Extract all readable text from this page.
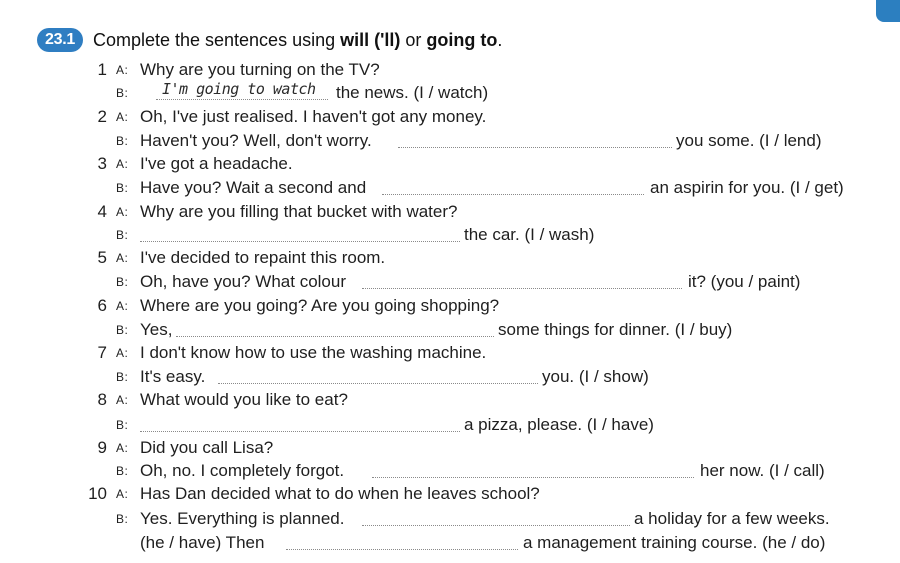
23.1	Complete the sentences using will ('ll) or going to.
1 A: Why are you turning on the TV?
B: I'm going to watch the news. (I / watch)
2 A: Oh, I've just realised. I haven't got any money.
B: Haven't you? Well, don't worry.	you some. (I / lend)
3 A: I've got a headache.
B: Have you? Wait a second and	an aspirin for you. (I / get)
4 A: Why are you filling that bucket with water?
B:	the car. (I / wash)
5 A: I've decided to repaint this room.
B: Oh, have you? What colour	it? (you / paint)
6 A: Where are you going? Are you going shopping?
B: Yes,	some things for dinner. (I / buy)
7 A: I don't know how to use the washing machine.
B: It's easy.	you. (I / show)
8 A: What would you like to eat?
B:	a pizza, please. (I / have)
9 A: Did you call Lisa?
B: Oh, no. I completely forgot.	her now. (I / call)
10 A: Has Dan decided what to do when he leaves school?
B: Yes. Everything is planned.	a holiday for a few weeks.
(he / have) Then	a management training course. (he / do)
